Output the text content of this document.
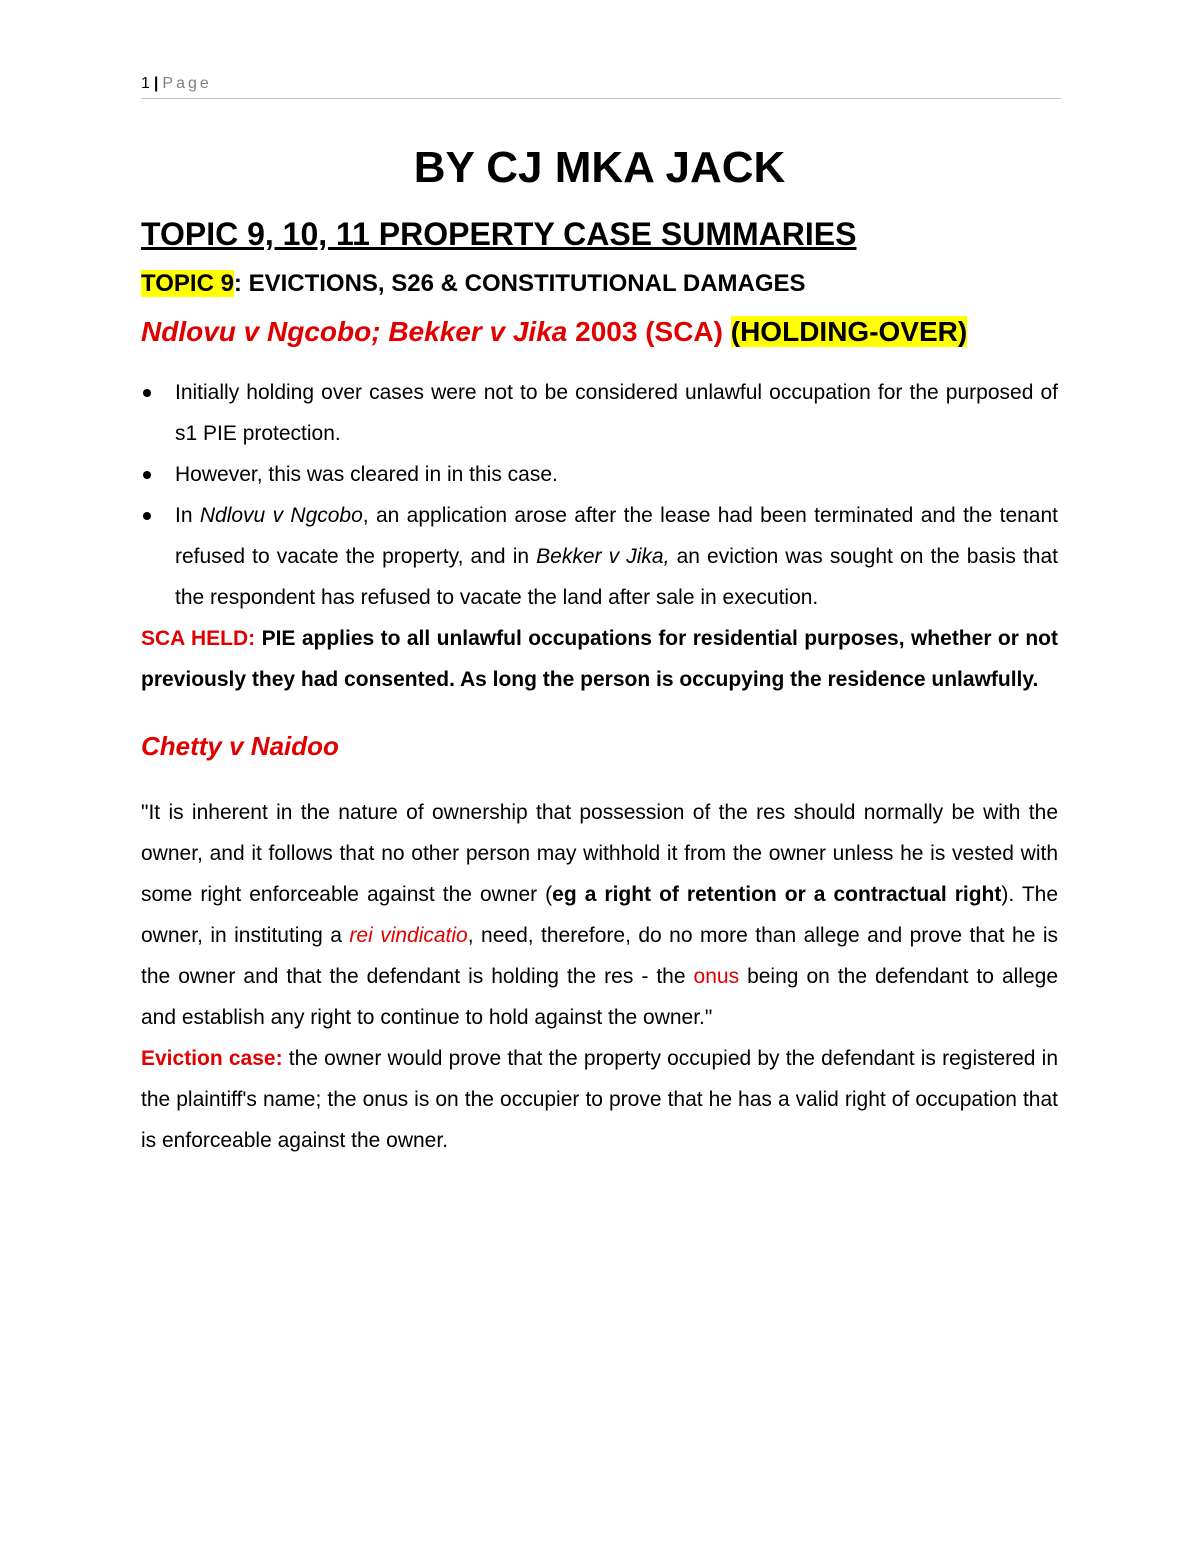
1 | Page
BY CJ MKA JACK
TOPIC 9, 10, 11 PROPERTY CASE SUMMARIES
TOPIC 9: EVICTIONS, S26 & CONSTITUTIONAL DAMAGES
Ndlovu v Ngcobo; Bekker v Jika 2003 (SCA) (HOLDING-OVER)
Initially holding over cases were not to be considered unlawful occupation for the purposed of s1 PIE protection.
However, this was cleared in in this case.
In Ndlovu v Ngcobo, an application arose after the lease had been terminated and the tenant refused to vacate the property, and in Bekker v Jika, an eviction was sought on the basis that the respondent has refused to vacate the land after sale in execution.

SCA HELD: PIE applies to all unlawful occupations for residential purposes, whether or not previously they had consented. As long the person is occupying the residence unlawfully.

Chetty v Naidoo

"It is inherent in the nature of ownership that possession of the res should normally be with the owner, and it follows that no other person may withhold it from the owner unless he is vested with some right enforceable against the owner (eg a right of retention or a contractual right). The owner, in instituting a rei vindicatio, need, therefore, do no more than allege and prove that he is the owner and that the defendant is holding the res - the onus being on the defendant to allege and establish any right to continue to hold against the owner."

Eviction case: the owner would prove that the property occupied by the defendant is registered in the plaintiff's name; the onus is on the occupier to prove that he has a valid right of occupation that is enforceable against the owner.
